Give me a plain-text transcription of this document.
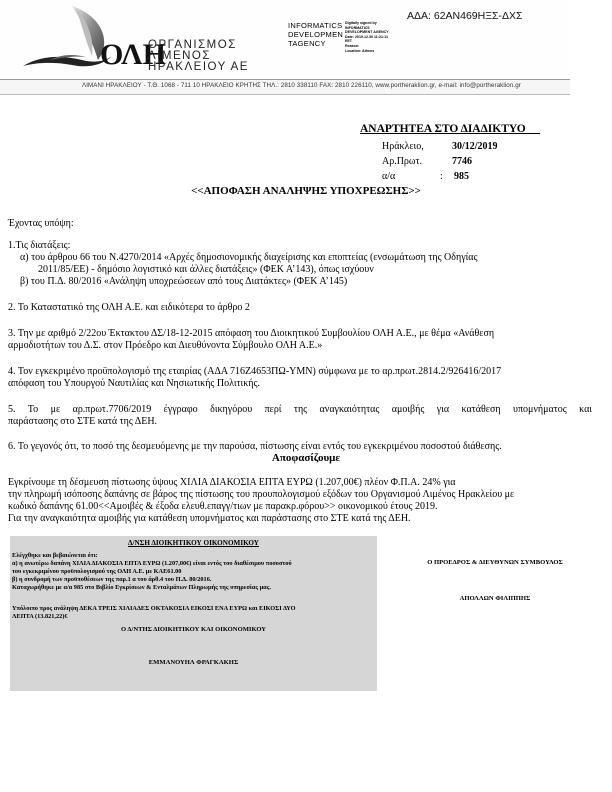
ΟΛΗ
ΟΡΓΑΝΙΣΜΟΣ
ΛΙΜΕΝΟΣ
ΗΡΑΚΛΕΙΟΥ ΑΕ
ΛΙΜΑΝΙ ΗΡΑΚΛΕΙΟΥ - Τ.Θ. 1068 - 711 10 ΗΡΑΚΛΕΙΟ ΚΡΗΤΗΣ ΤΗΛ.: 2810 338110 FAX: 2810 226110, www.portheraklion.gr, e-mail: info@portheraklion.gr
ΑΔΑ: 62ΑΝ469ΗΞΣ-ΔΧΣ
INFORMATICS
DEVELOPMEN
TAGENCY
Digitally signed by
INFORMATICS
DEVELOPMENT AGENCY
Date: 2019.12.30 11:21:11
EET
Reason:
Location: Athens
ΑΝΑΡΤΗΤΕΑ ΣΤΟ ΔΙΑΔΙΚΤΥΟ
Ηράκλειο,	30/12/2019
Αρ.Πρωτ.	7746
α/α	: 985
<<ΑΠΟΦΑΣΗ ΑΝΑΛΗΨΗΣ ΥΠΟΧΡΕΩΣΗΣ>>
Έχοντας υπόψη:
1.Τις διατάξεις:
α) του άρθρου 66 του Ν.4270/2014 «Αρχές δημοσιονομικής διαχείρισης και εποπτείας (ενσωμάτωση της Οδηγίας
2011/85/ΕΕ) - δημόσιο λογιστικό και άλλες διατάξεις» (ΦΕΚ Α’143), όπως ισχύουν
β) του Π.Δ. 80/2016 «Ανάληψη υποχρεώσεων από τους Διατάκτες» (ΦΕΚ Α’145)
2. Το Καταστατικό της ΟΛΗ Α.Ε. και ειδικότερα το άρθρο 2
3. Την με αριθμό 2/22ου Έκτακτου ΔΣ/18-12-2015 απόφαση του Διοικητικού Συμβουλίου ΟΛΗ Α.Ε., με θέμα «Ανάθεση
αρμοδιοτήτων του Δ.Σ. στον Πρόεδρο και Διευθύνοντα Σύμβουλο ΟΛΗ Α.Ε.»
4. Τον εγκεκριμένο προϋπολογισμό της εταιρίας (ΑΔΑ 716Ζ4653ΠΩ-ΥΜΝ) σύμφωνα με το αρ.πρωτ.2814.2/926416/2017
απόφαση του Υπουργού Ναυτιλίας και Νησιωτικής Πολιτικής.
5. Το με αρ.πρωτ.7706/2019 έγγραφο δικηγόρου περί της αναγκαιότητας αμοιβής για κατάθεση υπομνήματος και
παράστασης στο ΣΤΕ κατά της ΔΕΗ.
6. Το γεγονός ότι, το ποσό της δεσμευόμενης με την παρούσα, πίστωσης είναι εντός του εγκεκριμένου ποσοστού διάθεσης.
Αποφασίζουμε
Εγκρίνουμε τη δέσμευση πίστωσης ύψους ΧΙΛΙΑ ΔΙΑΚΟΣΙΑ ΕΠΤΑ ΕΥΡΩ (1.207,00€) πλέον Φ.Π.Α. 24% για
την πληρωμή ισόποσης δαπάνης σε βάρος της πίστωσης του προυπολογισμού εξόδων του Οργανισμού Λιμένος Ηρακλείου με
κωδικό δαπάνης 61.00<<Αμοιβές & έξοδα ελευθ.επαγγ/τιων με παρακρ.φόρου>> οικονομικού έτους 2019.
Για την αναγκαιότητα αμοιβής για κατάθεση υπομνήματος και παράστασης στο ΣΤΕ κατά της ΔΕΗ.
Δ/ΝΣΗ ΔΙΟΙΚΗΤΙΚΟΥ ΟΙΚΟΝΟΜΙΚΟΥ
Ελέγχθηκε και βεβαιώνεται ότι:
α) η ανωτέρω δαπάνη ΧΙΛΙΑ ΔΙΑΚΟΣΙΑ ΕΠΤΑ ΕΥΡΩ (1.207,00€) είναι εντός του διαθέσιμου ποσοστού
του εγκεκριμένου προϋπολογισμού της ΟΛΗ Α.Ε. με ΚΑΕ61.00
β) η συνδρομή των προϋποθέσεων της παρ.1 α του άρθ.4 του Π.Δ. 80/2016.
Καταχωρήθηκε με α/α 985 στο Βιβλίο Εγκρίσεων & Ενταλμάτων Πληρωμής της υπηρεσίας μας.
Υπόλοιπο προς ανάληψη ΔΕΚΑ ΤΡΕΙΣ ΧΙΛΙΑΔΕΣ ΟΚΤΑΚΟΣΙΑ ΕΙΚΟΣΙ ΕΝΑ ΕΥΡΩ και ΕΙΚΟΣΙ ΔΥΟ
ΛΕΠΤΑ (13.821,22)€
Ο Δ/ΝΤΗΣ ΔΙΟΙΚΗΤΙΚΟΥ ΚΑΙ ΟΙΚΟΝΟΜΙΚΟΥ
ΕΜΜΑΝΟΥΗΛ ΦΡΑΓΚΑΚΗΣ
Ο ΠΡΟΕΔΡΟΣ & ΔΙΕΥΘΥΝΩΝ ΣΥΜΒΟΥΛΟΣ
ΑΠΟΛΛΩΝ ΦΙΛΙΠΠΗΣ
